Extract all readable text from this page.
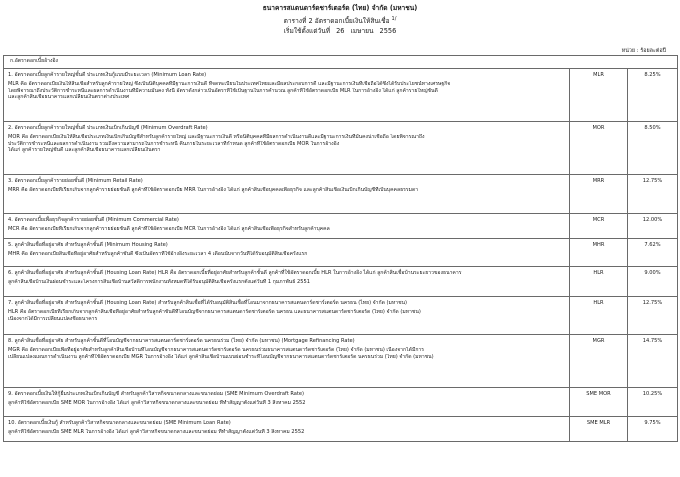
ธนาคารสแตนดาร์ดชาร์เตอร์ด (ไทย) จำกัด (มหาชน)
ตารางที่ 2 อัตราดอกเบี้ยเงินให้สินเชื่อ $^{1/}$
เริ่มใช้ตั้งแต่วันที่ 26 เมษายน 2556
หน่วย : ร้อยละต่อปี
ก.อัตราดอกเบี้ยอ้างอิง		

1. อัตราดอกเบี้ยลูกค้ารายใหญ่ชั้นดี ประเภทเงินกู้แบบมีระยะเวลา (Minimum Loan Rate)
MLR คือ อัตราดอกเบี้ยเงินให้สินเชื่อสำหรับลูกค้ารายใหญ่ ซึ่งเป็นนิติบุคคลที่มีฐานะการเงินดี ที่จดทะเบียนในประเทศไทยและมีผลประกอบการดี และมีฐานะการเงินที่เชื่อถือได้ซึ่งได้รับประโยชน์ทางเศรษฐกิจ
โดยพิจารณาถึงประวัติการชำระหนี้และผลการดำเนินงานที่มีความมั่นคง ทั้งนี้ อัตราดังกล่าวเป็นอัตราที่ใช้เป็นฐานในการคำนวณ ลูกค้าที่ใช้อัตราดอกเบี้ย MLR ในการอ้างอิง ได้แก่ ลูกค้ารายใหญ่ชั้นดี
และลูกค้าสินเชื่อธนาคารแลกเปลี่ยนเงินตราต่างประเทศ	MLR	8.25%

2. อัตราดอกเบี้ยลูกค้ารายใหญ่ชั้นดี ประเภทเงินเบิกเกินบัญชี (Minimum Overdraft Rate)
MOR คือ อัตราดอกเบี้ยเงินให้สินเชื่อประเภทเงินเบิกเกินบัญชีสำหรับลูกค้ารายใหญ่ และมีฐานะการเงินดี หรือนิติบุคคลที่มีผลการดำเนินงานดีและมีฐานะการเงินที่มั่นคงน่าเชื่อถือ โดยพิจารณาถึง
ประวัติการชำระหนี้และผลการดำเนินงาน รวมถึงความสามารถในการชำระหนี้ คืนภายในระยะเวลาที่กำหนด ลูกค้าที่ใช้อัตราดอกเบี้ย MOR ในการอ้างอิง
ได้แก่ ลูกค้ารายใหญ่ชั้นดี และลูกค้าสินเชื่อธนาคารแลกเปลี่ยนเงินตรา	MOR	8.50%

3. อัตราดอกเบี้ยลูกค้ารายย่อยชั้นดี (Minimum Retail Rate)
MRR คือ อัตราดอกเบี้ยที่เรียกเก็บจากลูกค้ารายย่อยชั้นดี ลูกค้าที่ใช้อัตราดอกเบี้ย MRR ในการอ้างอิง ได้แก่ ลูกค้าสินเชื่อบุคคลเพื่อธุรกิจ และลูกค้าสินเชื่อเงินเบิกเกินบัญชีที่เป็นบุคคลธรรมดา	MRR	12.75%

4. อัตราดอกเบี้ยเพื่อธุรกิจลูกค้ารายย่อยชั้นดี (Minimum Commercial Rate)
MCR คือ อัตราดอกเบี้ยที่เรียกเก็บจากลูกค้ารายย่อยชั้นดี ลูกค้าที่ใช้อัตราดอกเบี้ย MCR ในการอ้างอิง ได้แก่ ลูกค้าสินเชื่อเพื่อธุรกิจสำหรับลูกค้าบุคคล	MCR	12.00%

5. ลูกค้าสินเชื่อที่อยู่อาศัย สำหรับลูกค้าชั้นดี (Minimum Housing Rate)
MHR คือ อัตราดอกเบี้ยสินเชื่อที่อยู่อาศัยสำหรับลูกค้าชั้นดี ซึ่งเป็นอัตราที่ใช้อ้างอิงระยะเวลา 4 เดือนนับจากวันที่ได้รับอนุมัติสินเชื่อครั้งแรก	MHR	7.62%

6. ลูกค้าสินเชื่อที่อยู่อาศัย สำหรับลูกค้าชั้นดี (Housing Loan Rate) HLR คือ อัตราดอกเบี้ยที่อยู่อาศัยสำหรับลูกค้าชั้นดี ลูกค้าที่ใช้อัตราดอกเบี้ย HLR ในการอ้างอิง ได้แก่ ลูกค้าสินเชื่อบ้านระยะยาวของธนาคาร
ลูกค้าสินเชื่อบ้านเงินผ่อนชำระและโครงการสินเชื่อบ้านสวัสดิการพนักงานทั้งหมดที่ได้รับอนุมัติสินเชื่อครั้งแรกตั้งแต่วันที่ 1 กุมภาพันธ์ 2551	HLR	9.00%

7. ลูกค้าสินเชื่อที่อยู่อาศัย สำหรับลูกค้าชั้นดี (Housing Loan Rate) สำหรับลูกค้าสินเชื่อที่ได้รับอนุมัติสินเชื่อที่โอนมาจากธนาคารสแตนดาร์ดชาร์เตอร์ด นครธน (ไทย) จำกัด (มหาชน)
HLR คือ อัตราดอกเบี้ยที่เรียกเก็บจากลูกค้าสินเชื่อที่อยู่อาศัยสำหรับลูกค้าชั้นดีที่โอนบัญชีจากธนาคารสแตนดาร์ดชาร์เตอร์ด นครธน และธนาคารสแตนดาร์ดชาร์เตอร์ด (ไทย) จำกัด (มหาชน)
เนื่องจากได้มีการเปลี่ยนแปลงชื่อธนาคาร	HLR	12.75%

8. ลูกค้าสินเชื่อที่อยู่อาศัย สำหรับลูกค้าชั้นดีที่โอนบัญชีจากธนาคารสแตนดาร์ดชาร์เตอร์ด นครธนร่วม (ไทย) จำกัด (มหาชน) (Mortgage Refinancing Rate)
MGR คือ อัตราดอกเบี้ยเพื่อที่อยู่อาศัยสำหรับลูกค้าสินเชื่อบ้านที่โอนบัญชีจากธนาคารสแตนดาร์ดชาร์เตอร์ด นครธนร่วมธนาคารสแตนดาร์ดชาร์เตอร์ด (ไทย) จำกัด (มหาชน) เนื่องจากได้มีการ
เปลี่ยนแปลงแผนการดำเนินงาน ลูกค้าที่ใช้อัตราดอกเบี้ย MGR ในการอ้างอิง ได้แก่ ลูกค้าสินเชื่อบ้านแบบผ่อนชำระที่โอนบัญชีจากธนาคารสแตนดาร์ดชาร์เตอร์ด นครธนร่วม (ไทย) จำกัด (มหาชน)	MGR	14.75%

9. อัตราดอกเบี้ยเงินให้กู้ยืมประเภทเงินเบิกเกินบัญชี สำหรับลูกค้าวิสาหกิจขนาดกลางและขนาดย่อม (SME Minimum Overdraft Rate)
ลูกค้าที่ใช้อัตราดอกเบี้ย SME MOR ในการอ้างอิง ได้แก่ ลูกค้าวิสาหกิจขนาดกลางและขนาดย่อม ที่ทำสัญญาตั้งแต่วันที่ 3 สิงหาคม 2552	SME MOR	10.25%

10. อัตราดอกเบี้ยเงินกู้ สำหรับลูกค้าวิสาหกิจขนาดกลางและขนาดย่อม (SME Minimum Loan Rate)
ลูกค้าที่ใช้อัตราดอกเบี้ย SME MLR ในการอ้างอิง ได้แก่ ลูกค้าวิสาหกิจขนาดกลางและขนาดย่อม ที่ทำสัญญาตั้งแต่วันที่ 3 สิงหาคม 2552	SME MLR	9.75%
